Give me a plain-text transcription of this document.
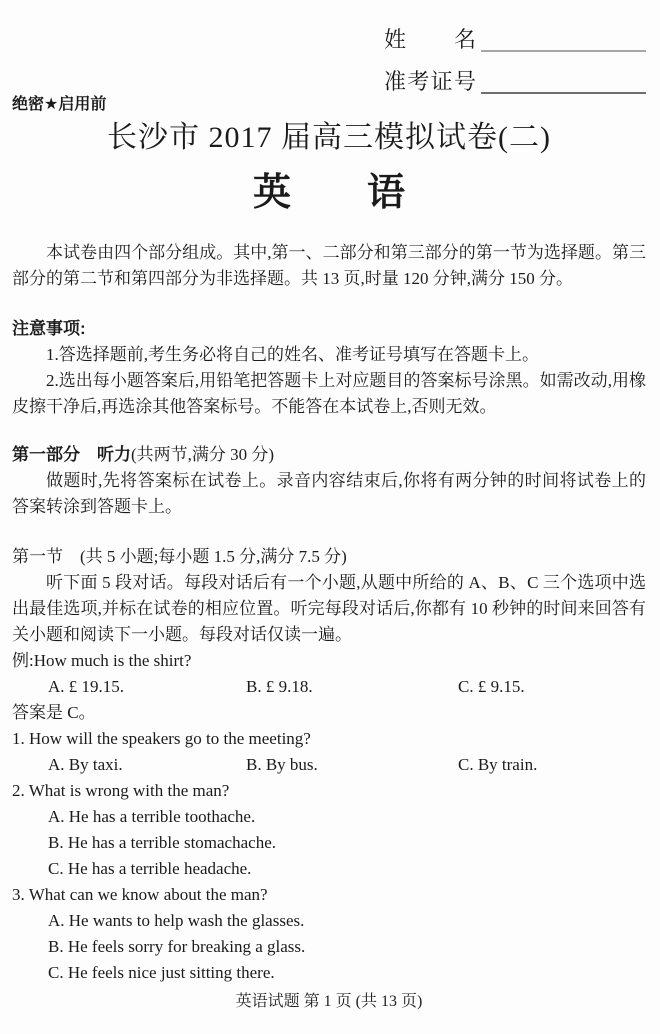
姓名
准考证号
绝密★启用前
长沙市 2017 届高三模拟试卷(二)
英　　语

本试卷由四个部分组成。其中,第一、二部分和第三部分的第一节为选择题。第三部分的第二节和第四部分为非选择题。共 13 页,时量 120 分钟,满分 150 分。

注意事项:

1.答选择题前,考生务必将自己的姓名、准考证号填写在答题卡上。

2.选出每小题答案后,用铅笔把答题卡上对应题目的答案标号涂黑。如需改动,用橡皮擦干净后,再选涂其他答案标号。不能答在本试卷上,否则无效。

第一部分　听力(共两节,满分 30 分)

做题时,先将答案标在试卷上。录音内容结束后,你将有两分钟的时间将试卷上的答案转涂到答题卡上。

第一节　(共 5 小题;每小题 1.5 分,满分 7.5 分)

听下面 5 段对话。每段对话后有一个小题,从题中所给的 A、B、C 三个选项中选出最佳选项,并标在试卷的相应位置。听完每段对话后,你都有 10 秒钟的时间来回答有关小题和阅读下一小题。每段对话仅读一遍。

例:How much is the shirt?
A. £ 19.15.	B. £ 9.18.	C. £ 9.15.

答案是 C。

1. How will the speakers go to the meeting?
A. By taxi.	B. By bus.	C. By train.
2. What is wrong with the man?
A. He has a terrible toothache.
B. He has a terrible stomachache.
C. He has a terrible headache.
3. What can we know about the man?
A. He wants to help wash the glasses.
B. He feels sorry for breaking a glass.
C. He feels nice just sitting there.
英语试题 第 1 页 (共 13 页)
